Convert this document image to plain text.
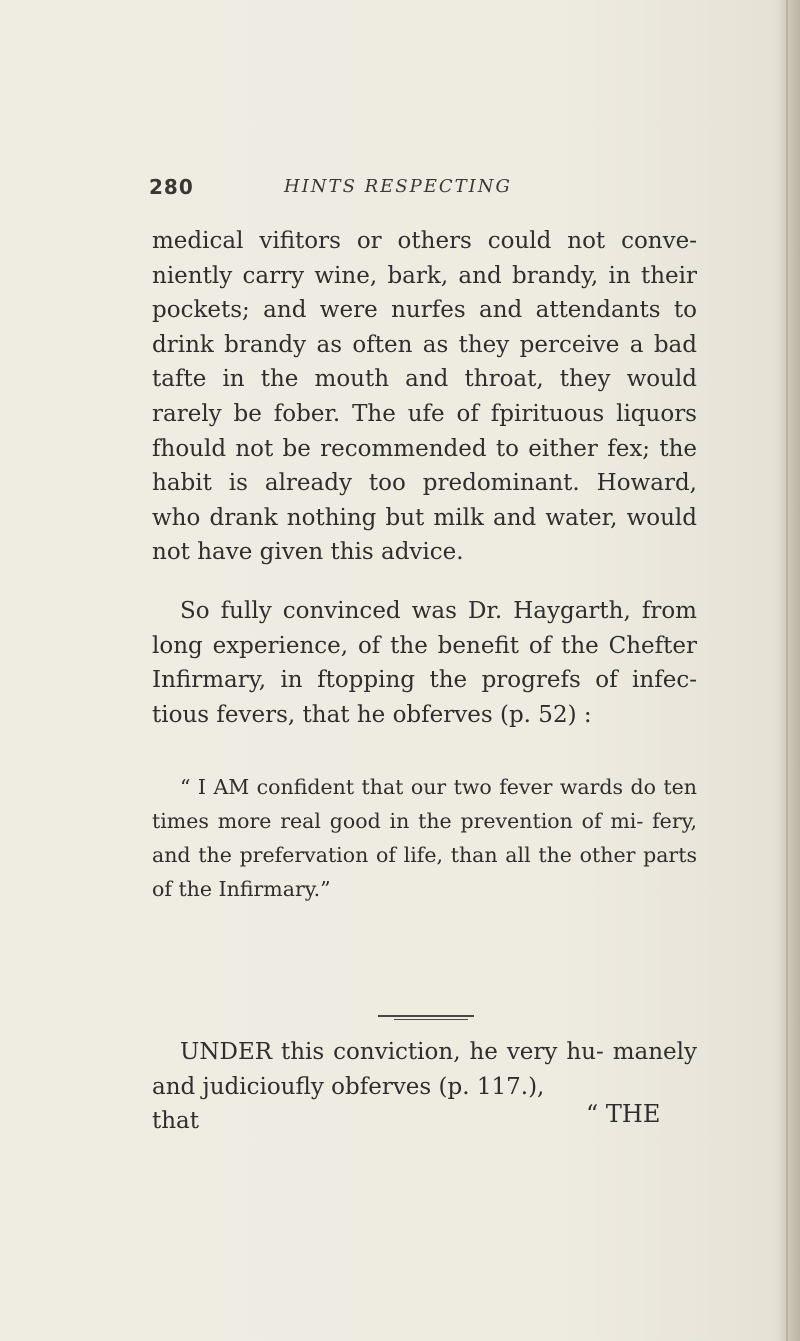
280	HINTS RESPECTING

medical vifitors or others could not conve- niently carry wine, bark, and brandy, in their pockets; and were nurfes and attendants to drink brandy as often as they perceive a bad tafte in the mouth and throat, they would rarely be fober. The ufe of fpirituous liquors fhould not be recommended to either fex; the habit is already too predominant. Howard, who drank nothing but milk and water, would not have given this advice.

So fully convinced was Dr. Haygarth, from long experience, of the benefit of the Chefter Infirmary, in ftopping the progrefs of infec- tious fevers, that he obferves (p. 52) :

“ I AM confident that our two fever wards do ten times more real good in the prevention of mi- fery, and the prefervation of life, than all the other parts of the Infirmary.”

UNDER this conviction, he very hu- manely and judicioufly obferves (p. 117.),

that	“ THE
